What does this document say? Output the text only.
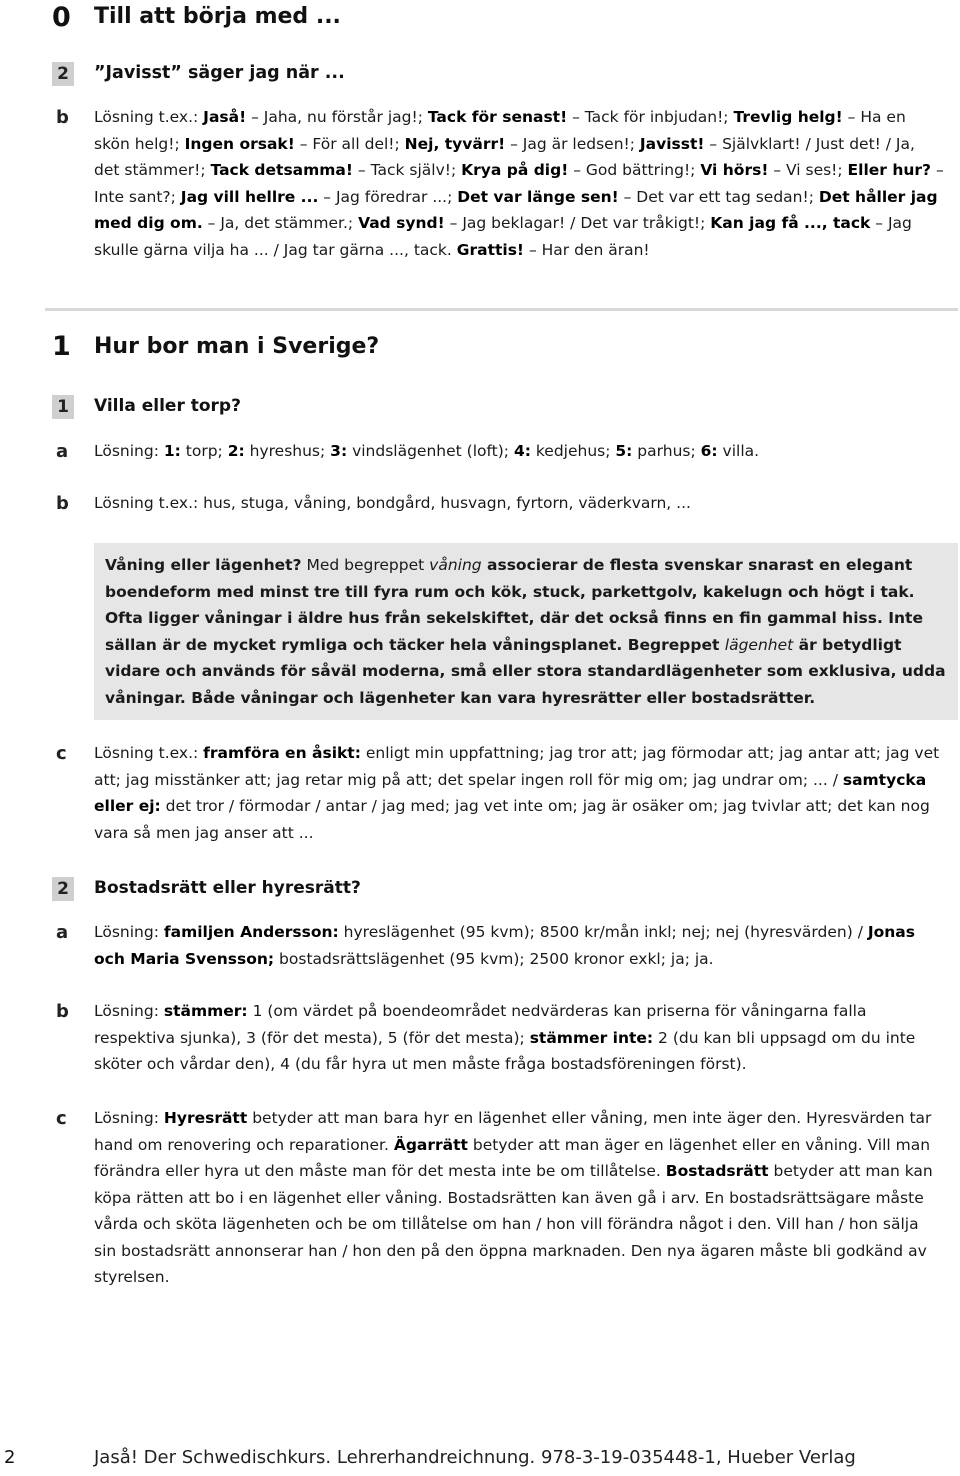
0 Till att börja med ...
2 ”Javisst” säger jag när ...
b Lösning t.ex.: Jaså! – Jaha, nu förstår jag!; Tack för senast! – Tack för inbjudan!; Trevlig helg! – Ha en skön helg!; Ingen orsak! – För all del!; Nej, tyvärr! – Jag är ledsen!; Javisst! – Självklart! / Just det! / Ja, det stämmer!; Tack detsamma! – Tack själv!; Krya på dig! – God bättring!; Vi hörs! – Vi ses!; Eller hur? – Inte sant?; Jag vill hellre ... – Jag föredrar ...; Det var länge sen! – Det var ett tag sedan!; Det håller jag med dig om. – Ja, det stämmer.; Vad synd! – Jag beklagar! / Det var tråkigt!; Kan jag få ..., tack – Jag skulle gärna vilja ha ... / Jag tar gärna ..., tack. Grattis! – Har den äran!
1 Hur bor man i Sverige?
1 Villa eller torp?
a Lösning: 1: torp; 2: hyreshus; 3: vindslägenhet (loft); 4: kedjehus; 5: parhus; 6: villa.
b Lösning t.ex.: hus, stuga, våning, bondgård, husvagn, fyrtorn, väderkvarn, ...
Våning eller lägenhet? Med begreppet våning associerar de flesta svenskar snarast en elegant boendeform med minst tre till fyra rum och kök, stuck, parkettgolv, kakelugn och högt i tak. Ofta ligger våningar i äldre hus från sekelskiftet, där det också finns en fin gammal hiss. Inte sällan är de mycket rymliga och täcker hela våningsplanet. Begreppet lägenhet är betydligt vidare och används för såväl moderna, små eller stora standardlägenheter som exklusiva, udda våningar. Både våningar och lägenheter kan vara hyresrätter eller bostadsrätter.
c Lösning t.ex.: framföra en åsikt: enligt min uppfattning; jag tror att; jag förmodar att; jag antar att; jag vet att; jag misstänker att; jag retar mig på att; det spelar ingen roll för mig om; jag undrar om; ... / samtycka eller ej: det tror / förmodar / antar / jag med; jag vet inte om; jag är osäker om; jag tvivlar att; det kan nog vara så men jag anser att ...
2 Bostadsrätt eller hyresrätt?
a Lösning: familjen Andersson: hyreslägenhet (95 kvm); 8500 kr/mån inkl; nej; nej (hyresvärden) / Jonas och Maria Svensson; bostadsrättslägenhet (95 kvm); 2500 kronor exkl; ja; ja.
b Lösning: stämmer: 1 (om värdet på boendeområdet nedvärderas kan priserna för våningarna falla respektiva sjunka), 3 (för det mesta), 5 (för det mesta); stämmer inte: 2 (du kan bli uppsagd om du inte sköter och vårdar den), 4 (du får hyra ut men måste fråga bostadsföreningen först).
c Lösning: Hyresrätt betyder att man bara hyr en lägenhet eller våning, men inte äger den. Hyresvärden tar hand om renovering och reparationer. Ägarrätt betyder att man äger en lägenhet eller en våning. Vill man förändra eller hyra ut den måste man för det mesta inte be om tillåtelse. Bostadsrätt betyder att man kan köpa rätten att bo i en lägenhet eller våning. Bostadsrätten kan även gå i arv. En bostadsrättsägare måste vårda och sköta lägenheten och be om tillåtelse om han / hon vill förändra något i den. Vill han / hon sälja sin bostadsrätt annonserar han / hon den på den öppna marknaden. Den nya ägaren måste bli godkänd av styrelsen.
2	Jaså! Der Schwedischkurs. Lehrerhandreichnung. 978-3-19-035448-1, Hueber Verlag
